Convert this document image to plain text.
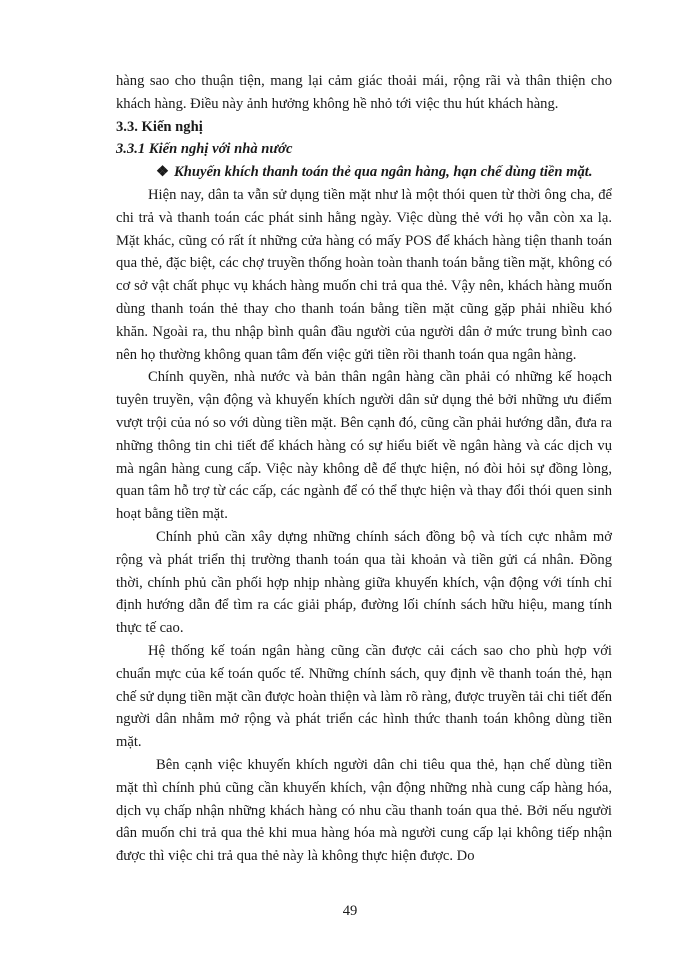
hàng sao cho thuận tiện, mang lại cảm giác thoải mái, rộng rãi và thân thiện cho khách hàng. Điều này ảnh hưởng không hề nhỏ tới việc thu hút khách hàng.

3.3. Kiến nghị

3.3.1 Kiến nghị với nhà nước

❖ Khuyến khích thanh toán thẻ qua ngân hàng, hạn chế dùng tiền mặt.

Hiện nay, dân ta vẫn sử dụng tiền mặt như là một thói quen từ thời ông cha, để chi trả và thanh toán các phát sinh hằng ngày. Việc dùng thẻ với họ vẫn còn xa lạ. Mặt khác, cũng có rất ít những cửa hàng có mấy POS để khách hàng tiện thanh toán qua thẻ, đặc biệt, các chợ truyền thống hoàn toàn thanh toán bằng tiền mặt, không có cơ sở vật chất phục vụ khách hàng muốn chi trả qua thẻ. Vậy nên, khách hàng muốn dùng thanh toán thẻ thay cho thanh toán bằng tiền mặt cũng gặp phải nhiều khó khăn. Ngoài ra, thu nhập bình quân đầu người của người dân ở mức trung bình cao nên họ thường không quan tâm đến việc gửi tiền rồi thanh toán qua ngân hàng.

Chính quyền, nhà nước và bản thân ngân hàng cần phải có những kế hoạch tuyên truyền, vận động và khuyến khích người dân sử dụng thẻ bởi những ưu điểm vượt trội của nó so với dùng tiền mặt. Bên cạnh đó, cũng cần phải hướng dẫn, đưa ra những thông tin chi tiết để khách hàng có sự hiểu biết về ngân hàng và các dịch vụ mà ngân hàng cung cấp. Việc này không dễ để thực hiện, nó đòi hỏi sự đồng lòng, quan tâm hỗ trợ từ các cấp, các ngành để có thể thực hiện và thay đổi thói quen sinh hoạt bằng tiền mặt.

Chính phủ cần xây dựng những chính sách đồng bộ và tích cực nhằm mở rộng và phát triển thị trường thanh toán qua tài khoản và tiền gửi cá nhân. Đồng thời, chính phủ cần phối hợp nhịp nhàng giữa khuyến khích, vận động với tính chỉ định hướng dẫn để tìm ra các giải pháp, đường lối chính sách hữu hiệu, mang tính thực tế cao.

Hệ thống kế toán ngân hàng cũng cần được cải cách sao cho phù hợp với chuẩn mực của kế toán quốc tế. Những chính sách, quy định về thanh toán thẻ, hạn chế sử dụng tiền mặt cần được hoàn thiện và làm rõ ràng, được truyền tải chi tiết đến người dân nhằm mở rộng và phát triển các hình thức thanh toán không dùng tiền mặt.

Bên cạnh việc khuyến khích người dân chi tiêu qua thẻ, hạn chế dùng tiền mặt thì chính phủ cũng cần khuyến khích, vận động những nhà cung cấp hàng hóa, dịch vụ chấp nhận những khách hàng có nhu cầu thanh toán qua thẻ. Bởi nếu người dân muốn chi trả qua thẻ khi mua hàng hóa mà người cung cấp lại không tiếp nhận được thì việc chi trả qua thẻ này là không thực hiện được. Do

49
